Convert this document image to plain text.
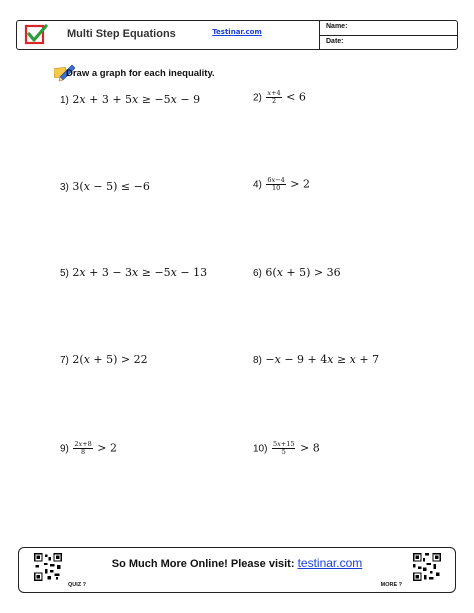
Testinar.com
Multi Step Equations
Name:
Date:
Draw a graph for each inequality.
1) 2𝑥 + 3 + 5𝑥 ≥ −5𝑥 − 9	$2) \frac{\text{𝑥+4}}{2} < 6$
3) 3(𝑥 − 5) ≤ −6	$4) \frac{\text{6𝑥−4}}{10} > 2$
5) 2𝑥 + 3 − 3𝑥 ≥ −5𝑥 − 13	6) 6(𝑥 + 5) > 36
7) 2(𝑥 + 5) > 22	8) −𝑥 − 9 + 4𝑥 ≥ 𝑥 + 7
$9) \frac{\text{2𝑥+8}}{8} > 2$	$10) \frac{\text{5𝑥+15}}{5} > 8$
So Much More Online! Please visit: testinar.com
QUIZ ?	MORE ?
